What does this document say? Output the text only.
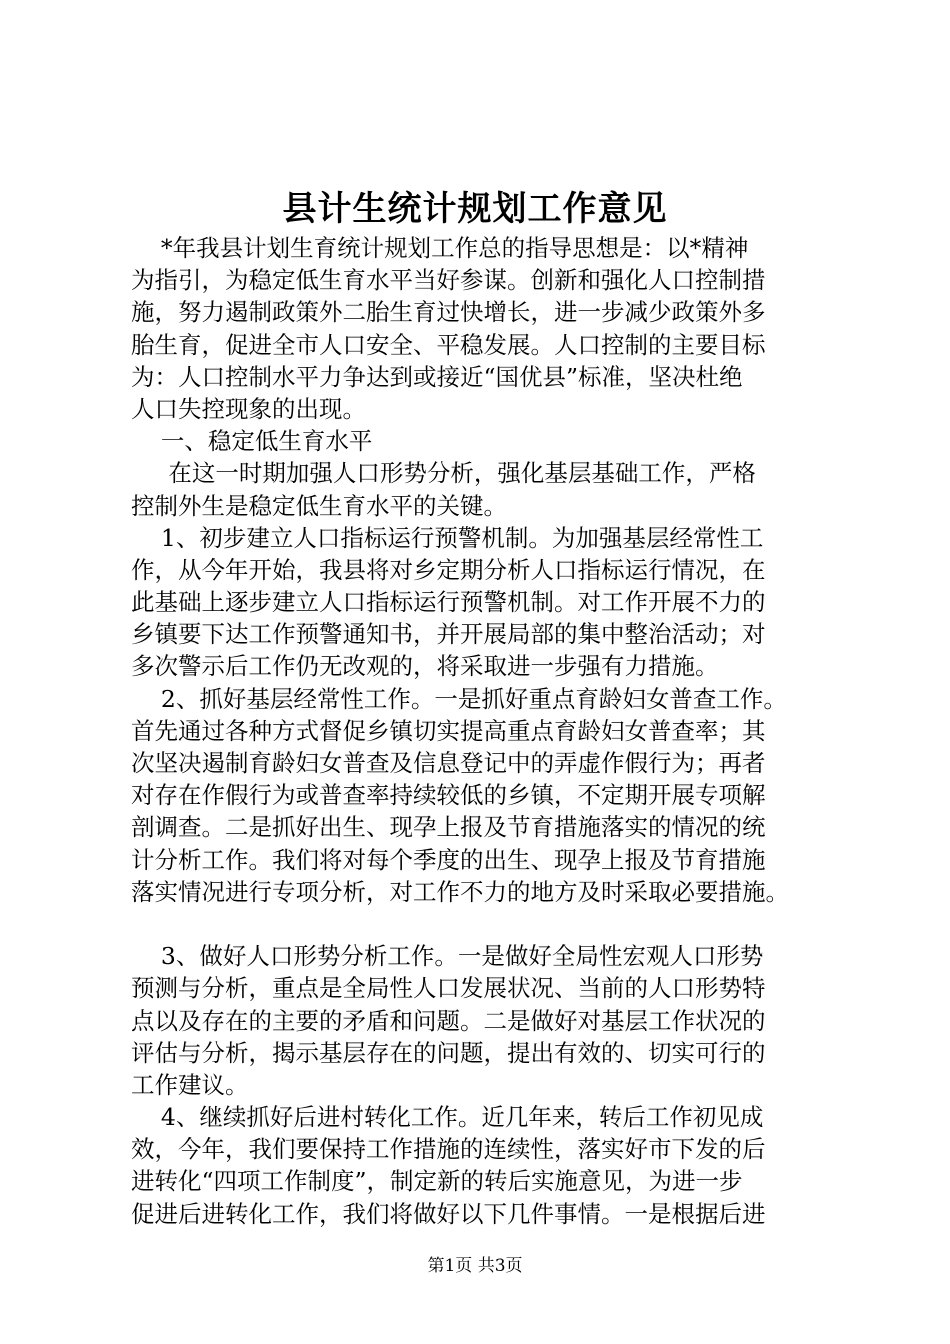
县计生统计规划工作意见
*年我县计划生育统计规划工作总的指导思想是：以*精神
为指引，为稳定低生育水平当好参谋。创新和强化人口控制措
施，努力遏制政策外二胎生育过快增长，进一步减少政策外多
胎生育，促进全市人口安全、平稳发展。人口控制的主要目标
为：人口控制水平力争达到或接近“国优县”标准，坚决杜绝
人口失控现象的出现。
一、稳定低生育水平
在这一时期加强人口形势分析，强化基层基础工作，严格
控制外生是稳定低生育水平的关键。
1、初步建立人口指标运行预警机制。为加强基层经常性工
作，从今年开始，我县将对乡定期分析人口指标运行情况，在
此基础上逐步建立人口指标运行预警机制。对工作开展不力的
乡镇要下达工作预警通知书，并开展局部的集中整治活动；对
多次警示后工作仍无改观的，将采取进一步强有力措施。
2、抓好基层经常性工作。一是抓好重点育龄妇女普查工作。
首先通过各种方式督促乡镇切实提高重点育龄妇女普查率；其
次坚决遏制育龄妇女普查及信息登记中的弄虚作假行为；再者
对存在作假行为或普查率持续较低的乡镇，不定期开展专项解
剖调查。二是抓好出生、现孕上报及节育措施落实的情况的统
计分析工作。我们将对每个季度的出生、现孕上报及节育措施
落实情况进行专项分析，对工作不力的地方及时采取必要措施。
3、做好人口形势分析工作。一是做好全局性宏观人口形势
预测与分析，重点是全局性人口发展状况、当前的人口形势特
点以及存在的主要的矛盾和问题。二是做好对基层工作状况的
评估与分析，揭示基层存在的问题，提出有效的、切实可行的
工作建议。
4、继续抓好后进村转化工作。近几年来，转后工作初见成
效，今年，我们要保持工作措施的连续性，落实好市下发的后
进转化“四项工作制度”，制定新的转后实施意见，为进一步
促进后进转化工作，我们将做好以下几件事情。一是根据后进
第1页 共3页
